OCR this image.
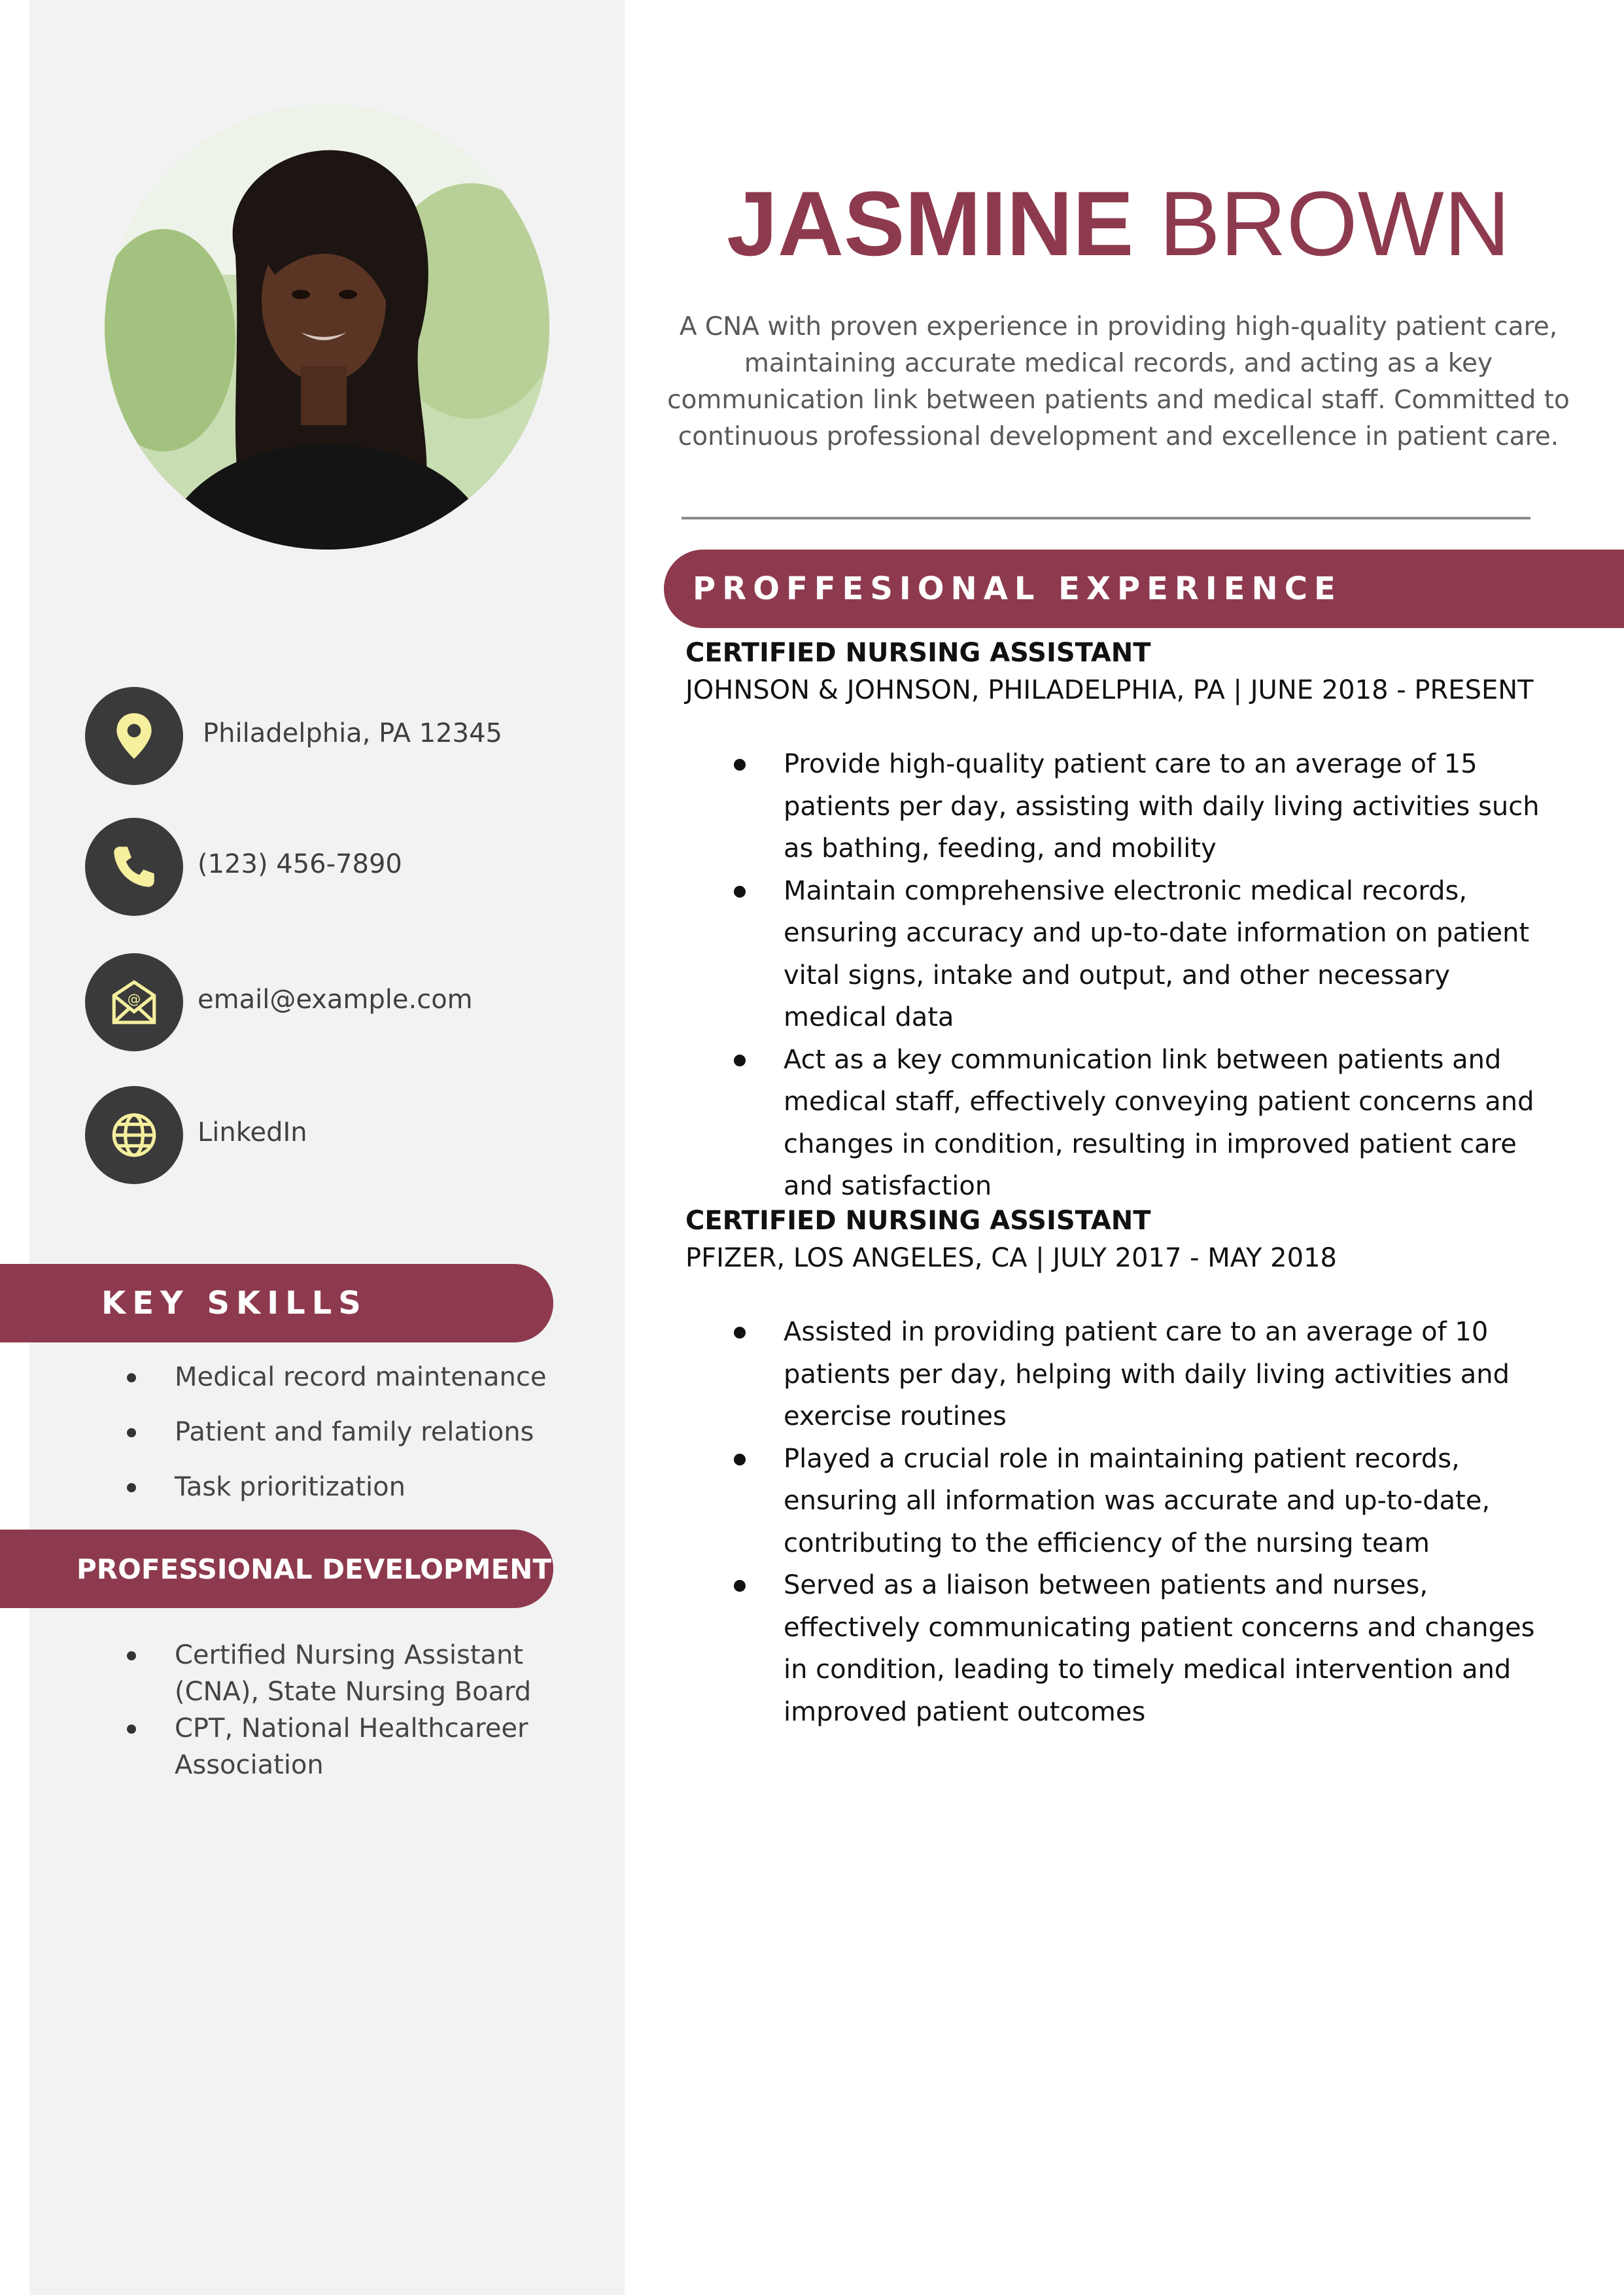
Philadelphia, PA 12345
(123) 456-7890
@ email@example.com
LinkedIn
KEY SKILLS
Medical record maintenance
Patient and family relations
Task prioritization
PROFESSIONAL DEVELOPMENT
Certified Nursing Assistant (CNA), State Nursing Board
CPT, National Healthcareer Association
JASMINE BROWN
A CNA with proven experience in providing high-quality patient care, maintaining accurate medical records, and acting as a key communication link between patients and medical staff. Committed to continuous professional development and excellence in patient care.
PROFFESIONAL EXPERIENCE
CERTIFIED NURSING ASSISTANT
JOHNSON & JOHNSON, PHILADELPHIA, PA | JUNE 2018 - PRESENT
Provide high-quality patient care to an average of 15 patients per day, assisting with daily living activities such as bathing, feeding, and mobility
Maintain comprehensive electronic medical records, ensuring accuracy and up-to-date information on patient vital signs, intake and output, and other necessary medical data
Act as a key communication link between patients and medical staff, effectively conveying patient concerns and changes in condition, resulting in improved patient care and satisfaction
CERTIFIED NURSING ASSISTANT
PFIZER, LOS ANGELES, CA | JULY 2017 - MAY 2018
Assisted in providing patient care to an average of 10 patients per day, helping with daily living activities and exercise routines
Played a crucial role in maintaining patient records, ensuring all information was accurate and up-to-date, contributing to the efficiency of the nursing team
Served as a liaison between patients and nurses, effectively communicating patient concerns and changes in condition, leading to timely medical intervention and improved patient outcomes
